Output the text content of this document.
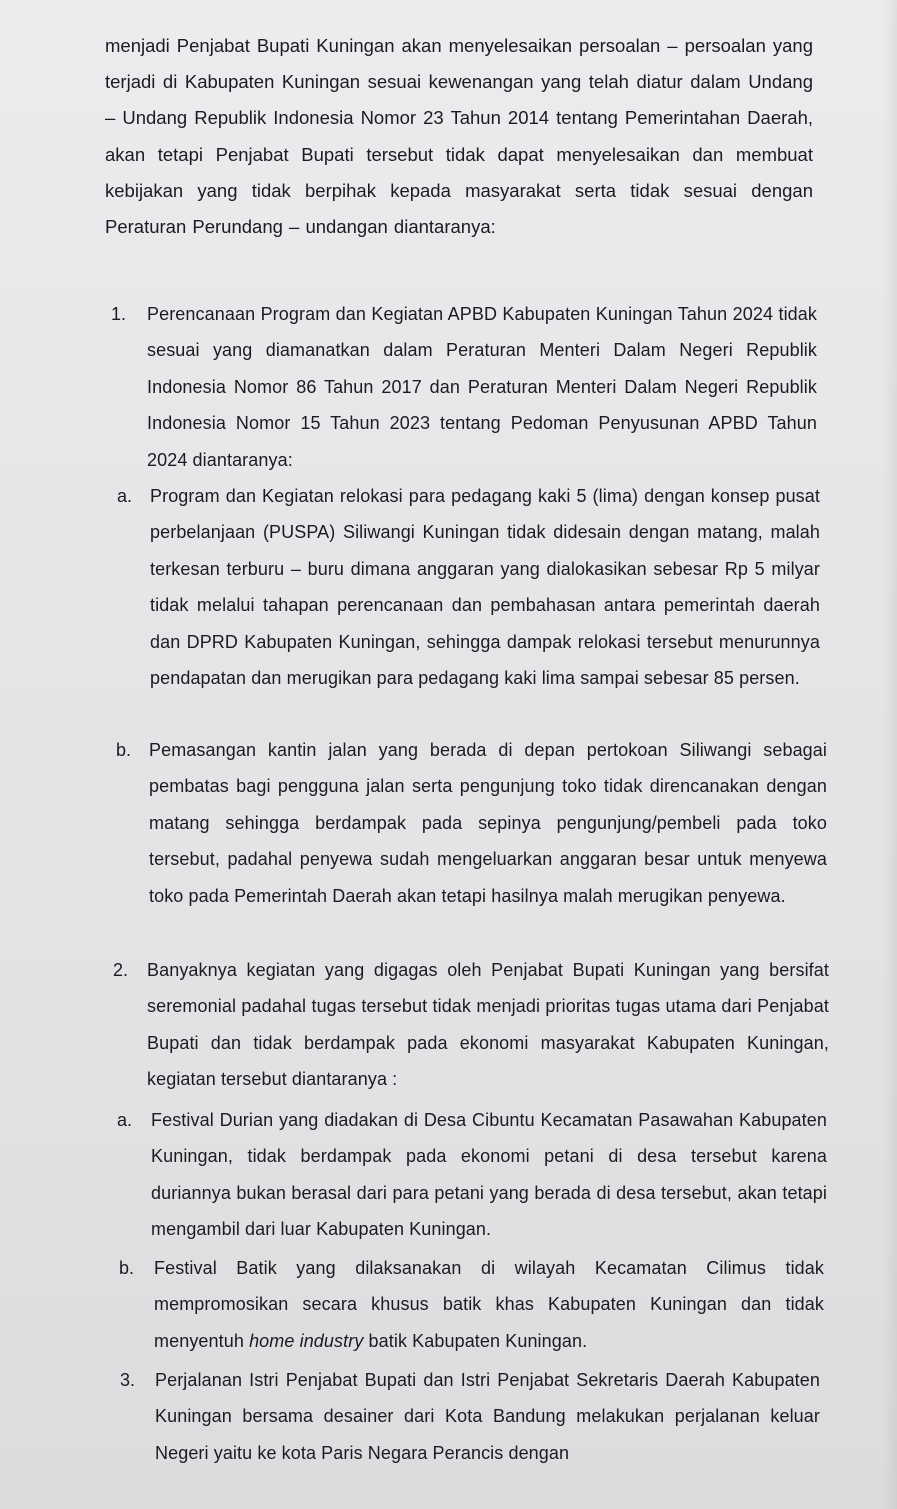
menjadi Penjabat Bupati Kuningan akan menyelesaikan persoalan – persoalan yang terjadi di Kabupaten Kuningan sesuai kewenangan yang telah diatur dalam Undang – Undang Republik Indonesia Nomor 23 Tahun 2014 tentang Pemerintahan Daerah, akan tetapi Penjabat Bupati tersebut tidak dapat menyelesaikan dan membuat kebijakan yang tidak berpihak kepada masyarakat serta tidak sesuai dengan Peraturan Perundang – undangan diantaranya:

1. Perencanaan Program dan Kegiatan APBD Kabupaten Kuningan Tahun 2024 tidak sesuai yang diamanatkan dalam Peraturan Menteri Dalam Negeri Republik Indonesia Nomor 86 Tahun 2017 dan Peraturan Menteri Dalam Negeri Republik Indonesia Nomor 15 Tahun 2023 tentang Pedoman Penyusunan APBD Tahun 2024 diantaranya:

a. Program dan Kegiatan relokasi para pedagang kaki 5 (lima) dengan konsep pusat perbelanjaan (PUSPA) Siliwangi Kuningan tidak didesain dengan matang, malah terkesan terburu – buru dimana anggaran yang dialokasikan sebesar Rp 5 milyar tidak melalui tahapan perencanaan dan pembahasan antara pemerintah daerah dan DPRD Kabupaten Kuningan, sehingga dampak relokasi tersebut menurunnya pendapatan dan merugikan para pedagang kaki lima sampai sebesar 85 persen.

b. Pemasangan kantin jalan yang berada di depan pertokoan Siliwangi sebagai pembatas bagi pengguna jalan serta pengunjung toko tidak direncanakan dengan matang sehingga berdampak pada sepinya pengunjung/pembeli pada toko tersebut, padahal penyewa sudah mengeluarkan anggaran besar untuk menyewa toko pada Pemerintah Daerah akan tetapi hasilnya malah merugikan penyewa.

2. Banyaknya kegiatan yang digagas oleh Penjabat Bupati Kuningan yang bersifat seremonial padahal tugas tersebut tidak menjadi prioritas tugas utama dari Penjabat Bupati dan tidak berdampak pada ekonomi masyarakat Kabupaten Kuningan, kegiatan tersebut diantaranya :

a. Festival Durian yang diadakan di Desa Cibuntu Kecamatan Pasawahan Kabupaten Kuningan, tidak berdampak pada ekonomi petani di desa tersebut karena duriannya bukan berasal dari para petani yang berada di desa tersebut, akan tetapi mengambil dari luar Kabupaten Kuningan.

b. Festival Batik yang dilaksanakan di wilayah Kecamatan Cilimus tidak mempromosikan secara khusus batik khas Kabupaten Kuningan dan tidak menyentuh home industry batik Kabupaten Kuningan.

3. Perjalanan Istri Penjabat Bupati dan Istri Penjabat Sekretaris Daerah Kabupaten Kuningan bersama desainer dari Kota Bandung melakukan perjalanan keluar Negeri yaitu ke kota Paris Negara Perancis dengan
